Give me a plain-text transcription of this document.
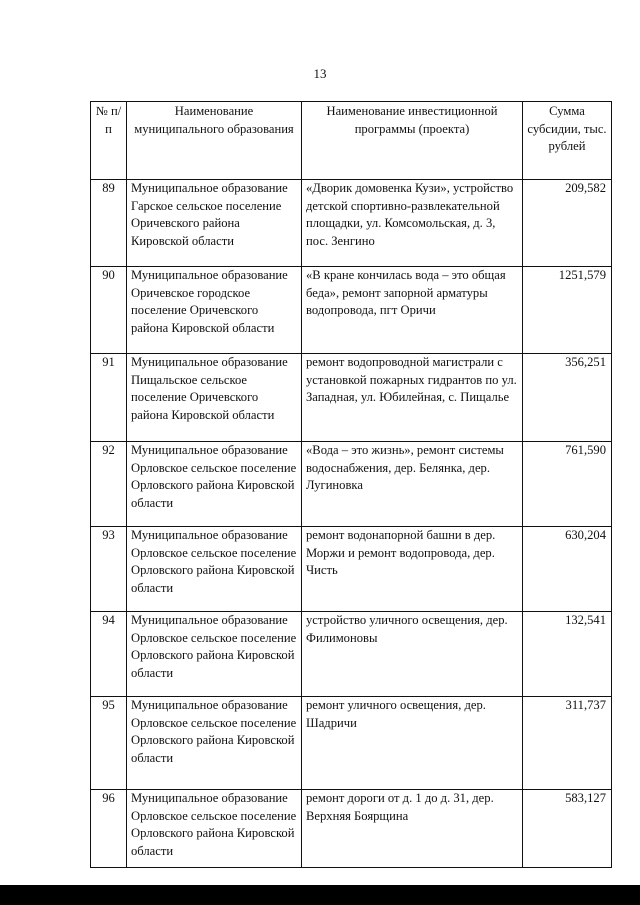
13
№ п/п	Наименование муниципального образования	Наименование инвестиционной программы (проекта)	Сумма субсидии, тыс. рублей
89	Муниципальное образование Гарское сельское поселение Оричевского района Кировской области	«Дворик домовенка Кузи», устройство детской спортивно-развлекательной площадки, ул. Комсомольская, д. 3, пос. Зенгино	209,582
90	Муниципальное образование Оричевское городское поселение Оричевского района Кировской области	«В кране кончилась вода – это общая беда», ремонт запорной арматуры водопровода, пгт Оричи	1251,579
91	Муниципальное образование Пищальское сельское поселение Оричевского района Кировской области	ремонт водопроводной магистрали с установкой пожарных гидрантов по ул. Западная, ул. Юбилейная, с. Пищалье	356,251
92	Муниципальное образование Орловское сельское поселение Орловского района Кировской области	«Вода – это жизнь», ремонт системы водоснабжения, дер. Белянка, дер. Лугиновка	761,590
93	Муниципальное образование Орловское сельское поселение Орловского района Кировской области	ремонт водонапорной башни в дер. Моржи и ремонт водопровода, дер. Чисть	630,204
94	Муниципальное образование Орловское сельское поселение Орловского района Кировской области	устройство уличного освещения, дер. Филимоновы	132,541
95	Муниципальное образование Орловское сельское поселение Орловского района Кировской области	ремонт уличного освещения, дер. Шадричи	311,737
96	Муниципальное образование Орловское сельское поселение Орловского района Кировской области	ремонт дороги от д. 1 до д. 31, дер. Верхняя Боярщина	583,127
